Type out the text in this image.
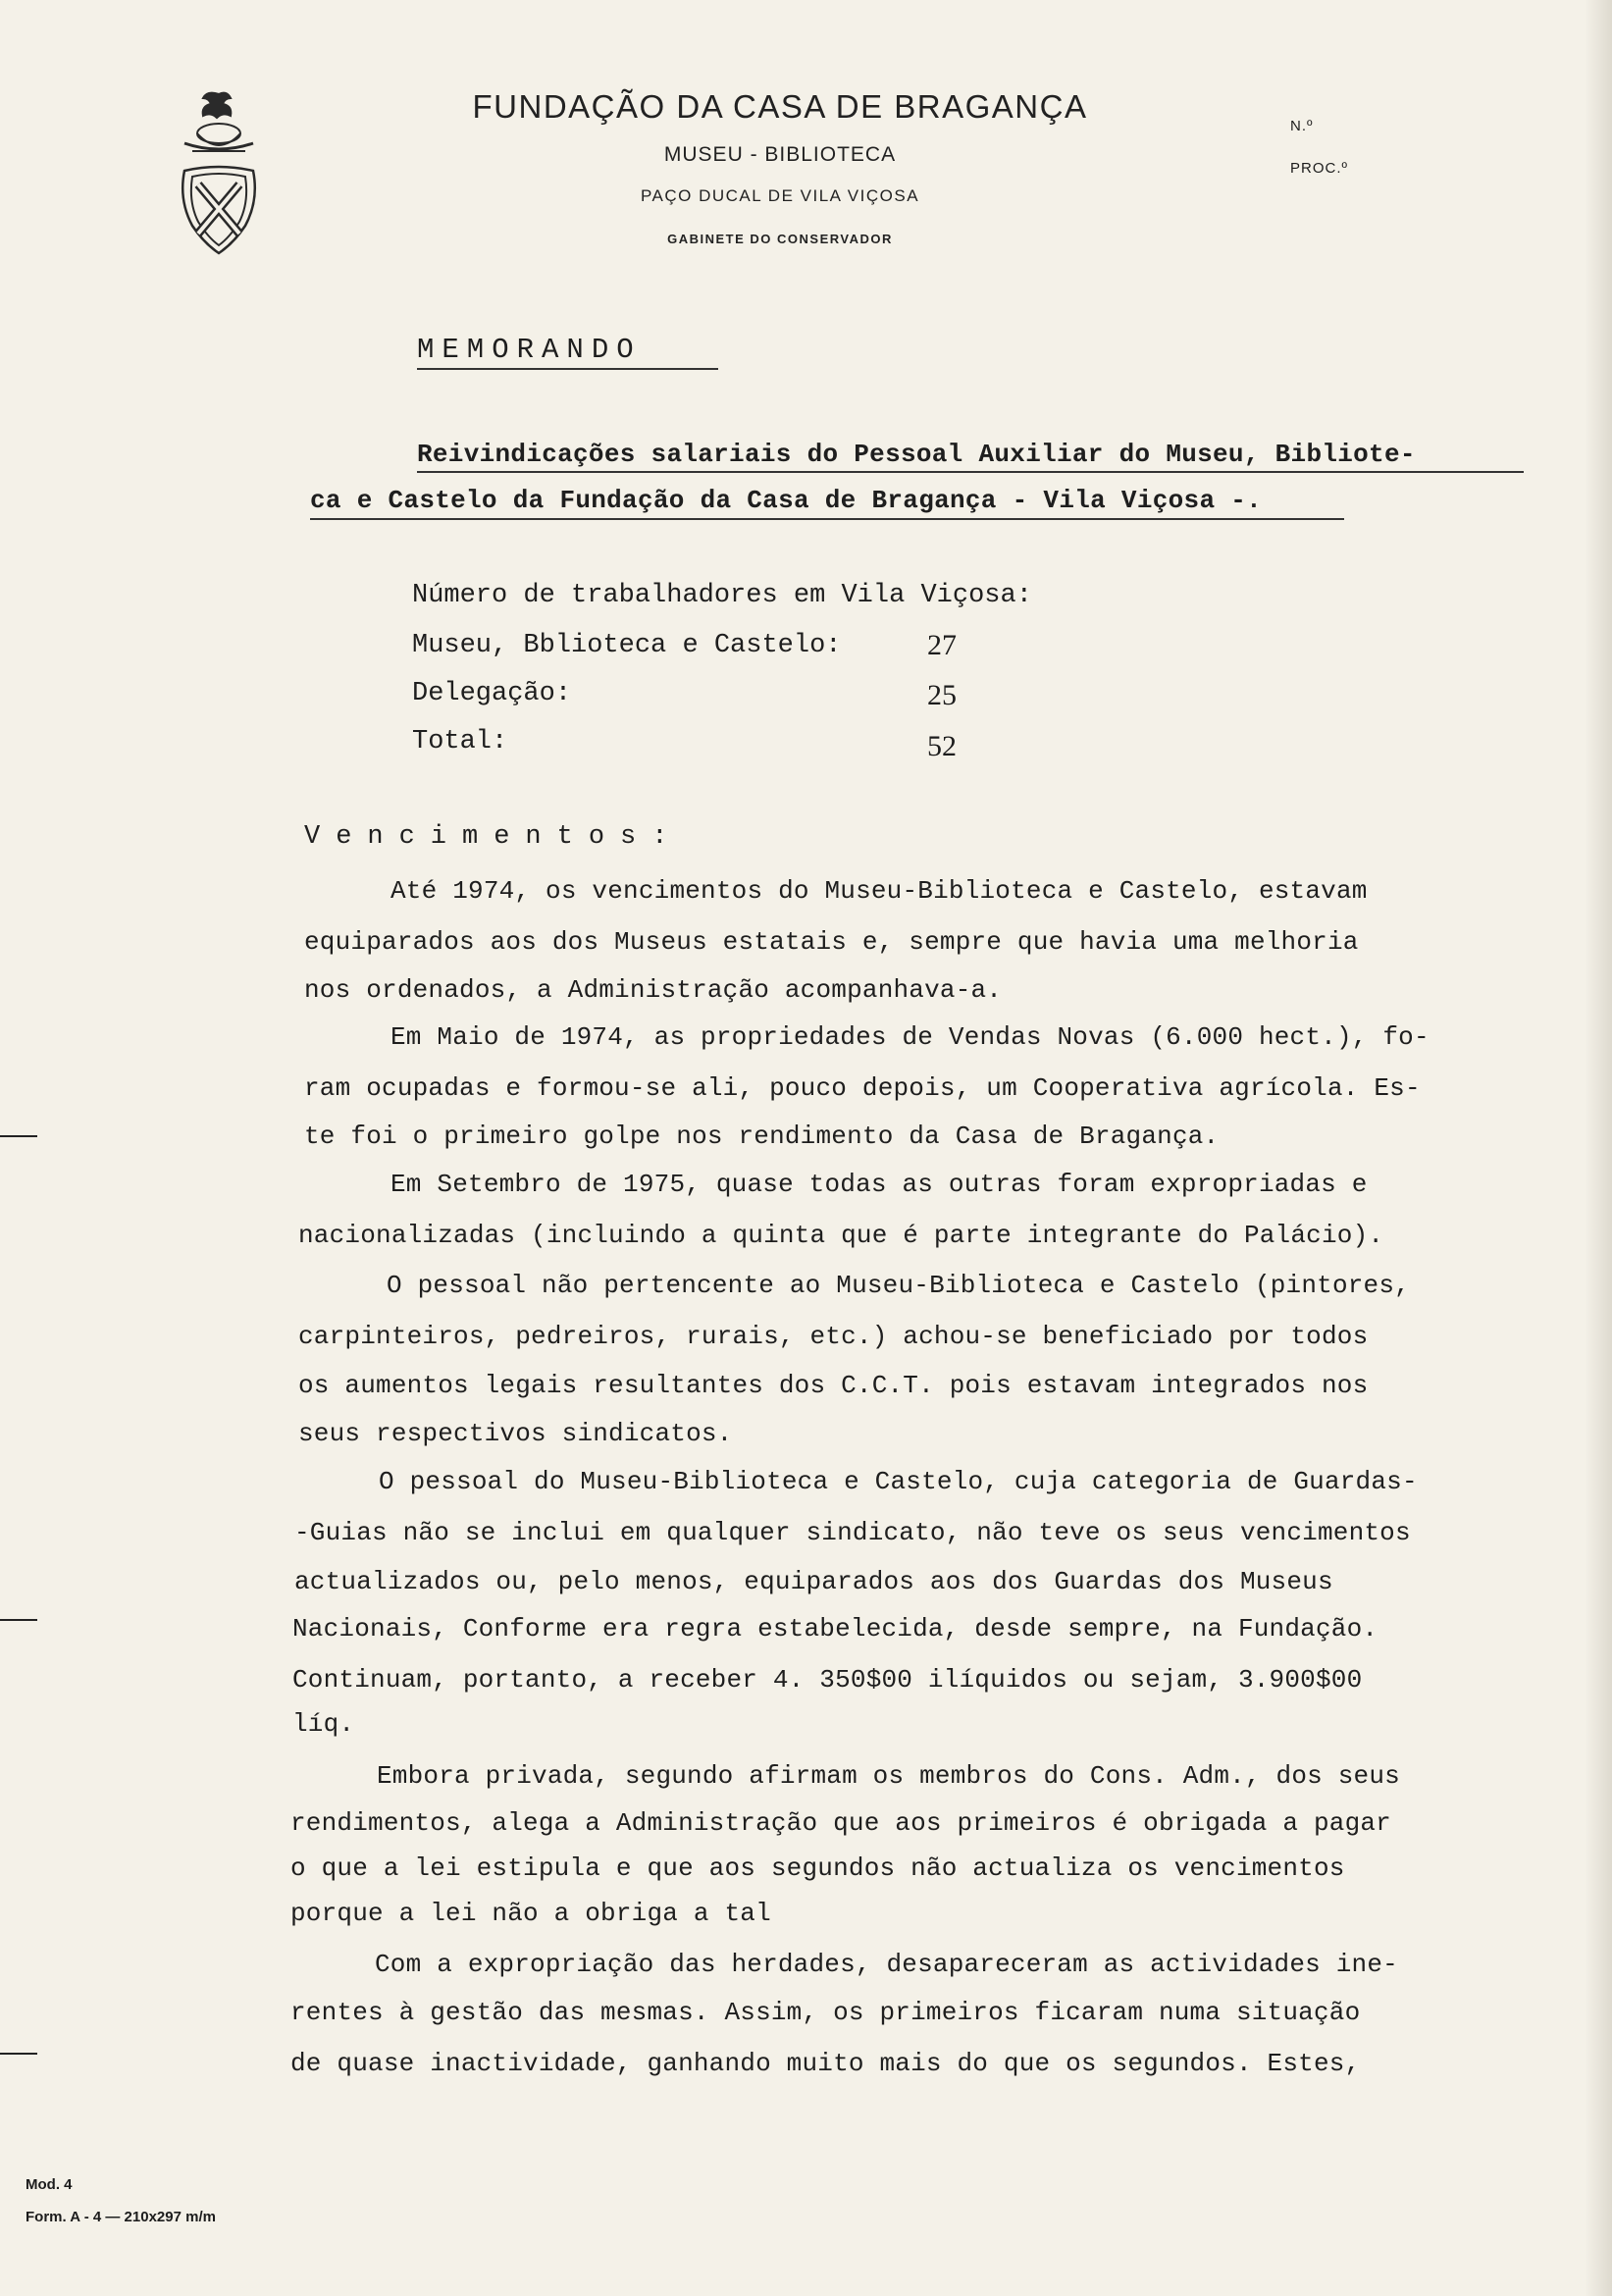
FUNDAÇÃO DA CASA DE BRAGANÇA
MUSEU - BIBLIOTECA
PAÇO DUCAL DE VILA VIÇOSA
GABINETE DO CONSERVADOR
N.º
PROC.º
MEMORANDO
Reivindicações salariais do Pessoal Auxiliar do Museu, Bibliote-
ca e Castelo da Fundação da Casa de Bragança - Vila Viçosa -.
Número de trabalhadores em Vila Viçosa:
Museu, Bblioteca e Castelo:	27
Delegação:	25
Total:	52
Vencimentos:
Até 1974, os vencimentos do Museu-Biblioteca e Castelo, estavam
equiparados aos dos Museus estatais e, sempre que havia uma melhoria
nos ordenados, a Administração acompanhava-a.
Em Maio de 1974, as propriedades de Vendas Novas (6.000 hect.), fo-
ram ocupadas e formou-se ali, pouco depois, um Cooperativa agrícola. Es-
te foi o primeiro golpe nos rendimento da Casa de Bragança.
Em Setembro de 1975, quase todas as outras foram expropriadas e
nacionalizadas (incluindo a quinta que é parte integrante do Palácio).
O pessoal não pertencente ao Museu-Biblioteca e Castelo (pintores,
carpinteiros, pedreiros, rurais, etc.) achou-se beneficiado por todos
os aumentos legais resultantes dos C.C.T. pois estavam integrados nos
seus respectivos sindicatos.
O pessoal do Museu-Biblioteca e Castelo, cuja categoria de Guardas-
-Guias não se inclui em qualquer sindicato, não teve os seus vencimentos
actualizados ou, pelo menos, equiparados aos dos Guardas dos Museus
Nacionais, Conforme era regra estabelecida, desde sempre, na Fundação.
Continuam, portanto, a receber 4. 350$00 ilíquidos ou sejam, 3.900$00
líq.
Embora privada, segundo afirmam os membros do Cons. Adm., dos seus
rendimentos, alega a Administração que aos primeiros é obrigada a pagar
o que a lei estipula e que aos segundos não actualiza os vencimentos
porque a lei não a obriga a tal
Com a expropriação das herdades, desapareceram as actividades ine-
rentes à gestão das mesmas. Assim, os primeiros ficaram numa situação
de quase inactividade, ganhando muito mais do que os segundos. Estes,
Mod. 4
Form. A - 4 — 210x297 m/m
